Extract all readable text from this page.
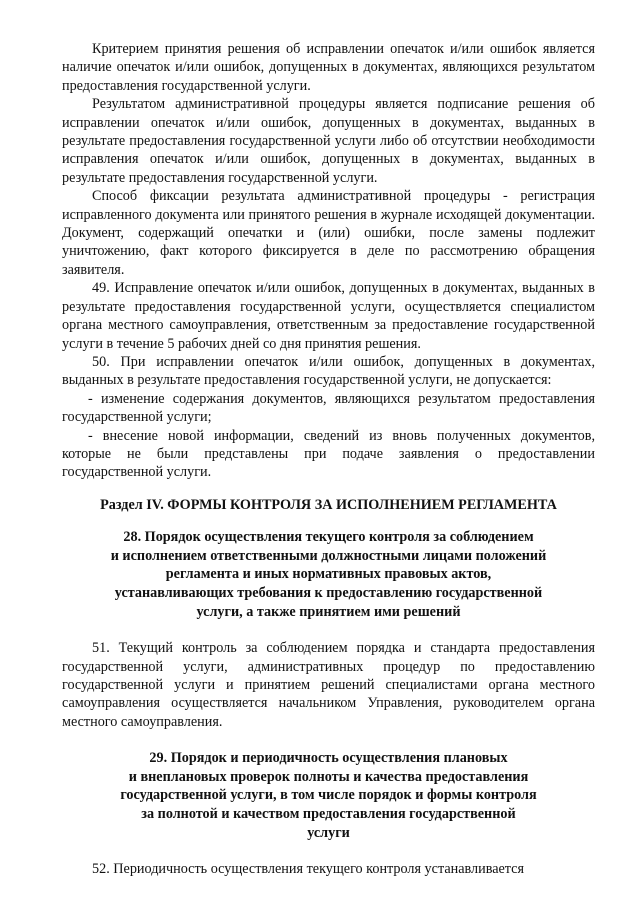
Критерием принятия решения об исправлении опечаток и/или ошибок является наличие опечаток и/или ошибок, допущенных в документах, являющихся результатом предоставления государственной услуги.

Результатом административной процедуры является подписание решения об исправлении опечаток и/или ошибок, допущенных в документах, выданных в результате предоставления государственной услуги либо об отсутствии необходимости исправления опечаток и/или ошибок, допущенных в документах, выданных в результате предоставления государственной услуги.

Способ фиксации результата административной процедуры - регистрация исправленного документа или принятого решения в журнале исходящей документации. Документ, содержащий опечатки и (или) ошибки, после замены подлежит уничтожению, факт которого фиксируется в деле по рассмотрению обращения заявителя.

49. Исправление опечаток и/или ошибок, допущенных в документах, выданных в результате предоставления государственной услуги, осуществляется специалистом органа местного самоуправления, ответственным за предоставление государственной услуги в течение 5 рабочих дней со дня принятия решения.

50. При исправлении опечаток и/или ошибок, допущенных в документах, выданных в результате предоставления государственной услуги, не допускается:

- изменение содержания документов, являющихся результатом предоставления государственной услуги;

- внесение новой информации, сведений из вновь полученных документов, которые не были представлены при подаче заявления о предоставлении государственной услуги.

Раздел IV. ФОРМЫ КОНТРОЛЯ ЗА ИСПОЛНЕНИЕМ РЕГЛАМЕНТА
28. Порядок осуществления текущего контроля за соблюдением
и исполнением ответственными должностными лицами положений
регламента и иных нормативных правовых актов,
устанавливающих требования к предоставлению государственной
услуги, а также принятием ими решений

51. Текущий контроль за соблюдением порядка и стандарта предоставления государственной услуги, административных процедур по предоставлению государственной услуги и принятием решений специалистами органа местного самоуправления осуществляется начальником Управления, руководителем органа местного самоуправления.

29. Порядок и периодичность осуществления плановых
и внеплановых проверок полноты и качества предоставления
государственной услуги, в том числе порядок и формы контроля
за полнотой и качеством предоставления государственной
услуги

52. Периодичность осуществления текущего контроля устанавливается
